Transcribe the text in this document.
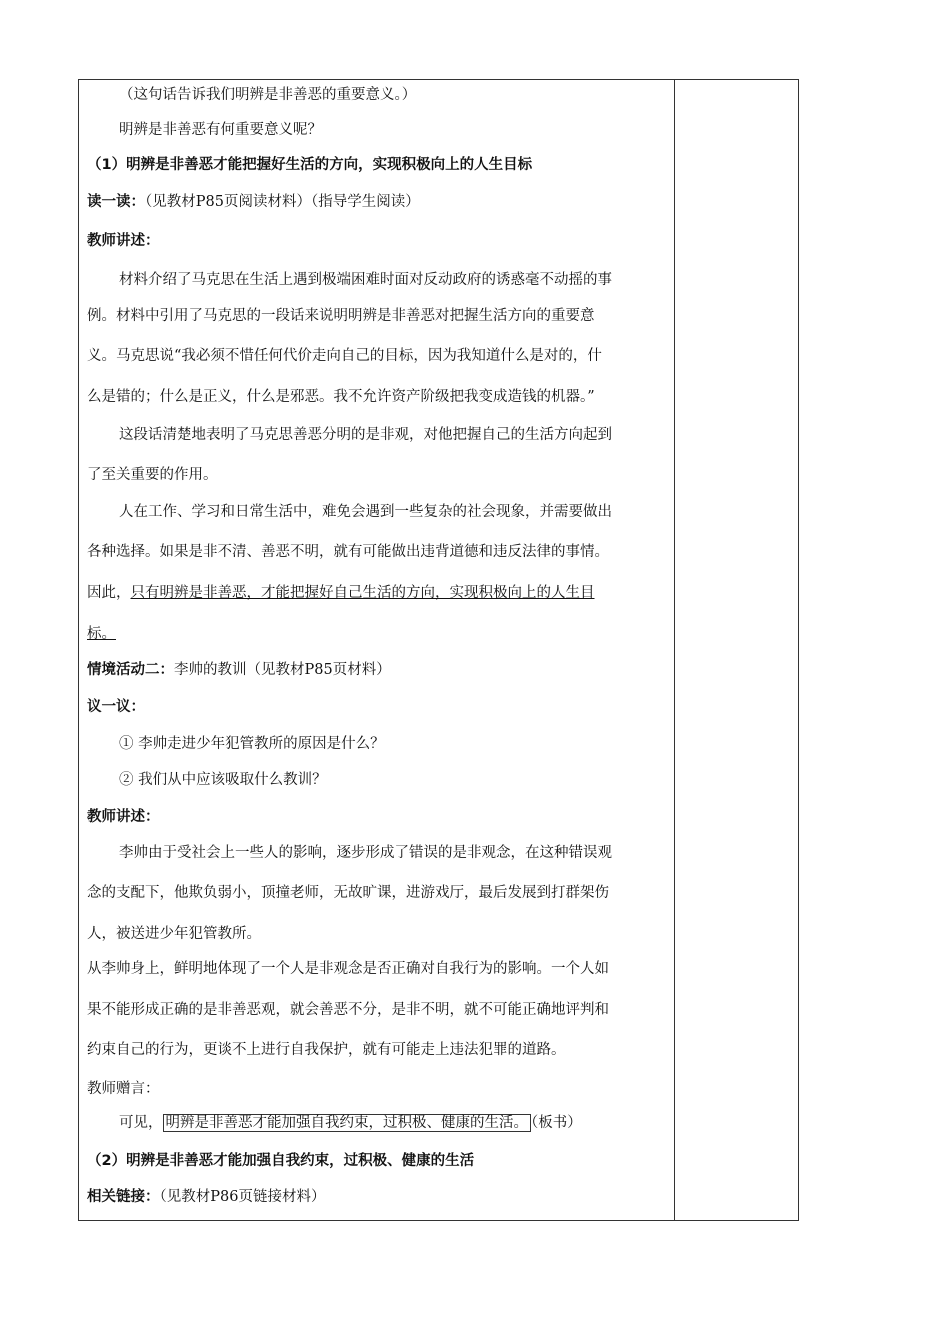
（这句话告诉我们明辨是非善恶的重要意义。）
明辨是非善恶有何重要意义呢？
（1）明辨是非善恶才能把握好生活的方向，实现积极向上的人生目标
读一读：（见教材P85页阅读材料）（指导学生阅读）
教师讲述：
材料介绍了马克思在生活上遇到极端困难时面对反动政府的诱惑毫不动摇的事
例。材料中引用了马克思的一段话来说明明辨是非善恶对把握生活方向的重要意
义。马克思说“我必须不惜任何代价走向自己的目标，因为我知道什么是对的，什
么是错的；什么是正义，什么是邪恶。我不允许资产阶级把我变成造钱的机器。”
这段话清楚地表明了马克思善恶分明的是非观，对他把握自己的生活方向起到
了至关重要的作用。
人在工作、学习和日常生活中，难免会遇到一些复杂的社会现象，并需要做出
各种选择。如果是非不清、善恶不明，就有可能做出违背道德和违反法律的事情。
因此，只有明辨是非善恶，才能把握好自己生活的方向，实现积极向上的人生目
标。
情境活动二：李帅的教训（见教材P85页材料）
议一议：
① 李帅走进少年犯管教所的原因是什么？
② 我们从中应该吸取什么教训？
教师讲述：
李帅由于受社会上一些人的影响，逐步形成了错误的是非观念，在这种错误观
念的支配下，他欺负弱小，顶撞老师，无故旷课，进游戏厅，最后发展到打群架伤
人，被送进少年犯管教所。
从李帅身上，鲜明地体现了一个人是非观念是否正确对自我行为的影响。一个人如
果不能形成正确的是非善恶观，就会善恶不分，是非不明，就不可能正确地评判和
约束自己的行为，更谈不上进行自我保护，就有可能走上违法犯罪的道路。
教师赠言：
可见， 明辨是非善恶才能加强自我约束，过积极、健康的生活。 （板书）
（2）明辨是非善恶才能加强自我约束，过积极、健康的生活
相关链接：（见教材P86页链接材料）
